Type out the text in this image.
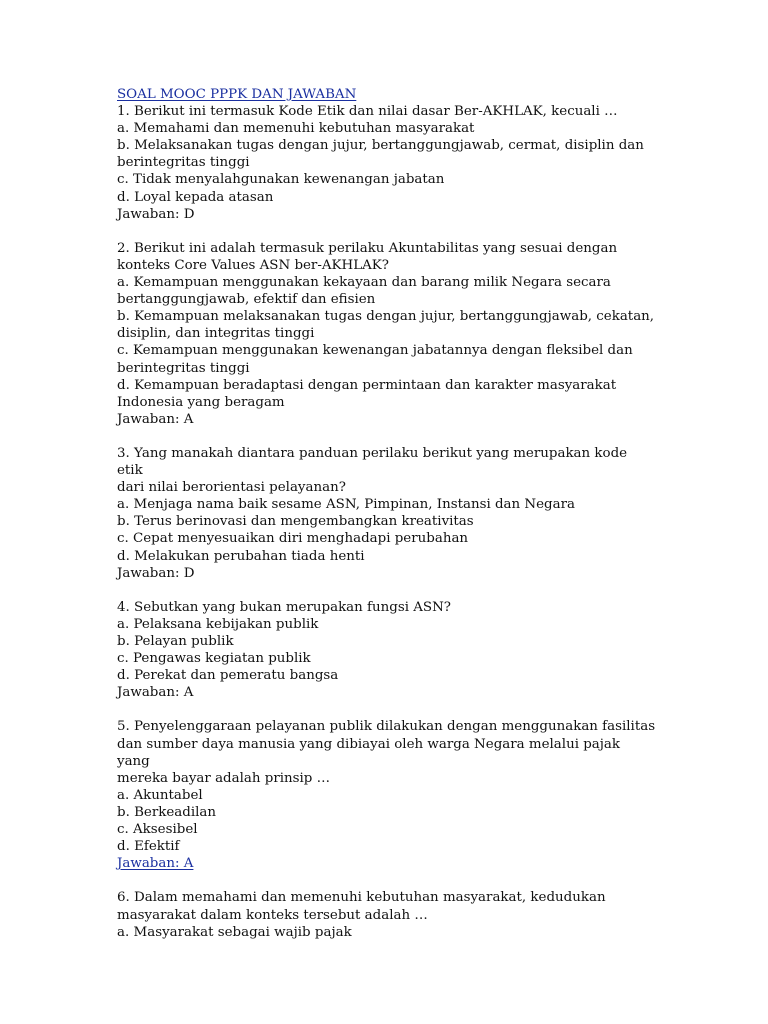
SOAL MOOC PPPK DAN JAWABAN
1. Berikut ini termasuk Kode Etik dan nilai dasar Ber-AKHLAK, kecuali …
a. Memahami dan memenuhi kebutuhan masyarakat
b. Melaksanakan tugas dengan jujur, bertanggungjawab, cermat, disiplin dan
berintegritas tinggi
c. Tidak menyalahgunakan kewenangan jabatan
d. Loyal kepada atasan
Jawaban: D
2. Berikut ini adalah termasuk perilaku Akuntabilitas yang sesuai dengan
konteks Core Values ASN ber-AKHLAK?
a. Kemampuan menggunakan kekayaan dan barang milik Negara secara
bertanggungjawab, efektif dan efisien
b. Kemampuan melaksanakan tugas dengan jujur, bertanggungjawab, cekatan,
disiplin, dan integritas tinggi
c. Kemampuan menggunakan kewenangan jabatannya dengan fleksibel dan
berintegritas tinggi
d. Kemampuan beradaptasi dengan permintaan dan karakter masyarakat
Indonesia yang beragam
Jawaban: A
3. Yang manakah diantara panduan perilaku berikut yang merupakan kode etik
dari nilai berorientasi pelayanan?
a. Menjaga nama baik sesame ASN, Pimpinan, Instansi dan Negara
b. Terus berinovasi dan mengembangkan kreativitas
c. Cepat menyesuaikan diri menghadapi perubahan
d. Melakukan perubahan tiada henti
Jawaban: D
4. Sebutkan yang bukan merupakan fungsi ASN?
a. Pelaksana kebijakan publik
b. Pelayan publik
c. Pengawas kegiatan publik
d. Perekat dan pemeratu bangsa
Jawaban: A
5. Penyelenggaraan pelayanan publik dilakukan dengan menggunakan fasilitas
dan sumber daya manusia yang dibiayai oleh warga Negara melalui pajak yang
mereka bayar adalah prinsip …
a. Akuntabel
b. Berkeadilan
c. Aksesibel
d. Efektif
Jawaban: A
6. Dalam memahami dan memenuhi kebutuhan masyarakat, kedudukan
masyarakat dalam konteks tersebut adalah …
a. Masyarakat sebagai wajib pajak
